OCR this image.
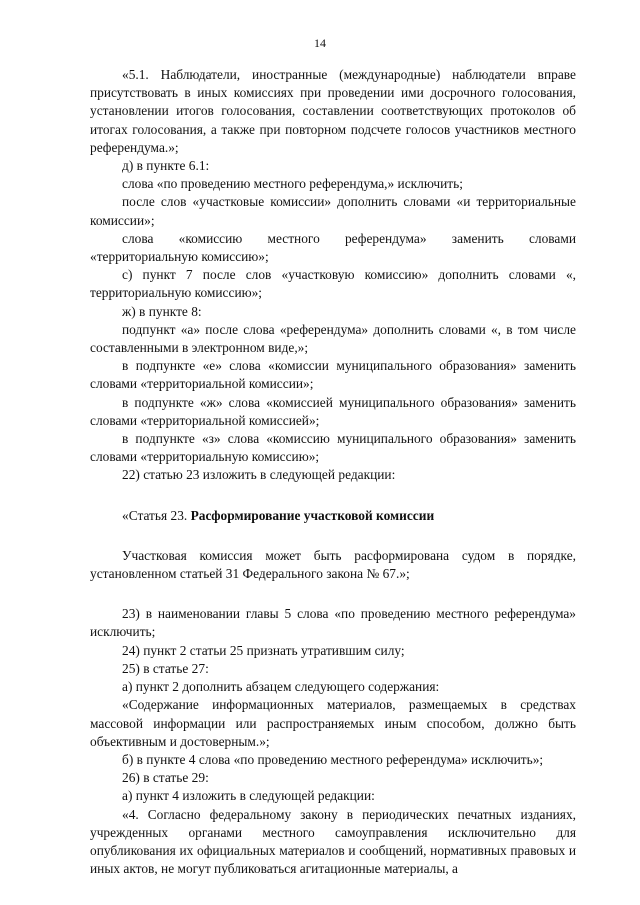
14

«5.1. Наблюдатели, иностранные (международные) наблюдатели вправе присутствовать в иных комиссиях при проведении ими досрочного голосования, установлении итогов голосования, составлении соответствующих протоколов об итогах голосования, а также при повторном подсчете голосов участников местного референдума.»;

д) в пункте 6.1:

слова «по проведению местного референдума,» исключить;

после слов «участковые комиссии» дополнить словами «и территориальные комиссии»;

слова «комиссию местного референдума» заменить словами «территориальную комиссию»;

с) пункт 7 после слов «участковую комиссию» дополнить словами «, территориальную комиссию»;

ж) в пункте 8:

подпункт «а» после слова «референдума» дополнить словами «, в том числе составленными в электронном виде,»;

в подпункте «е» слова «комиссии муниципального образования» заменить словами «территориальной комиссии»;

в подпункте «ж» слова «комиссией муниципального образования» заменить словами «территориальной комиссией»;

в подпункте «з» слова «комиссию муниципального образования» заменить словами «территориальную комиссию»;

22) статью 23 изложить в следующей редакции:

«Статья 23. Расформирование участковой комиссии

Участковая комиссия может быть расформирована судом в порядке, установленном статьей 31 Федерального закона № 67.»;

23) в наименовании главы 5 слова «по проведению местного референдума» исключить;

24) пункт 2 статьи 25 признать утратившим силу;

25) в статье 27:

а) пункт 2 дополнить абзацем следующего содержания:

«Содержание информационных материалов, размещаемых в средствах массовой информации или распространяемых иным способом, должно быть объективным и достоверным.»;

б) в пункте 4 слова «по проведению местного референдума» исключить»;

26) в статье 29:

а) пункт 4 изложить в следующей редакции:

«4. Согласно федеральному закону в периодических печатных изданиях, учрежденных органами местного самоуправления исключительно для опубликования их официальных материалов и сообщений, нормативных правовых и иных актов, не могут публиковаться агитационные материалы, а
